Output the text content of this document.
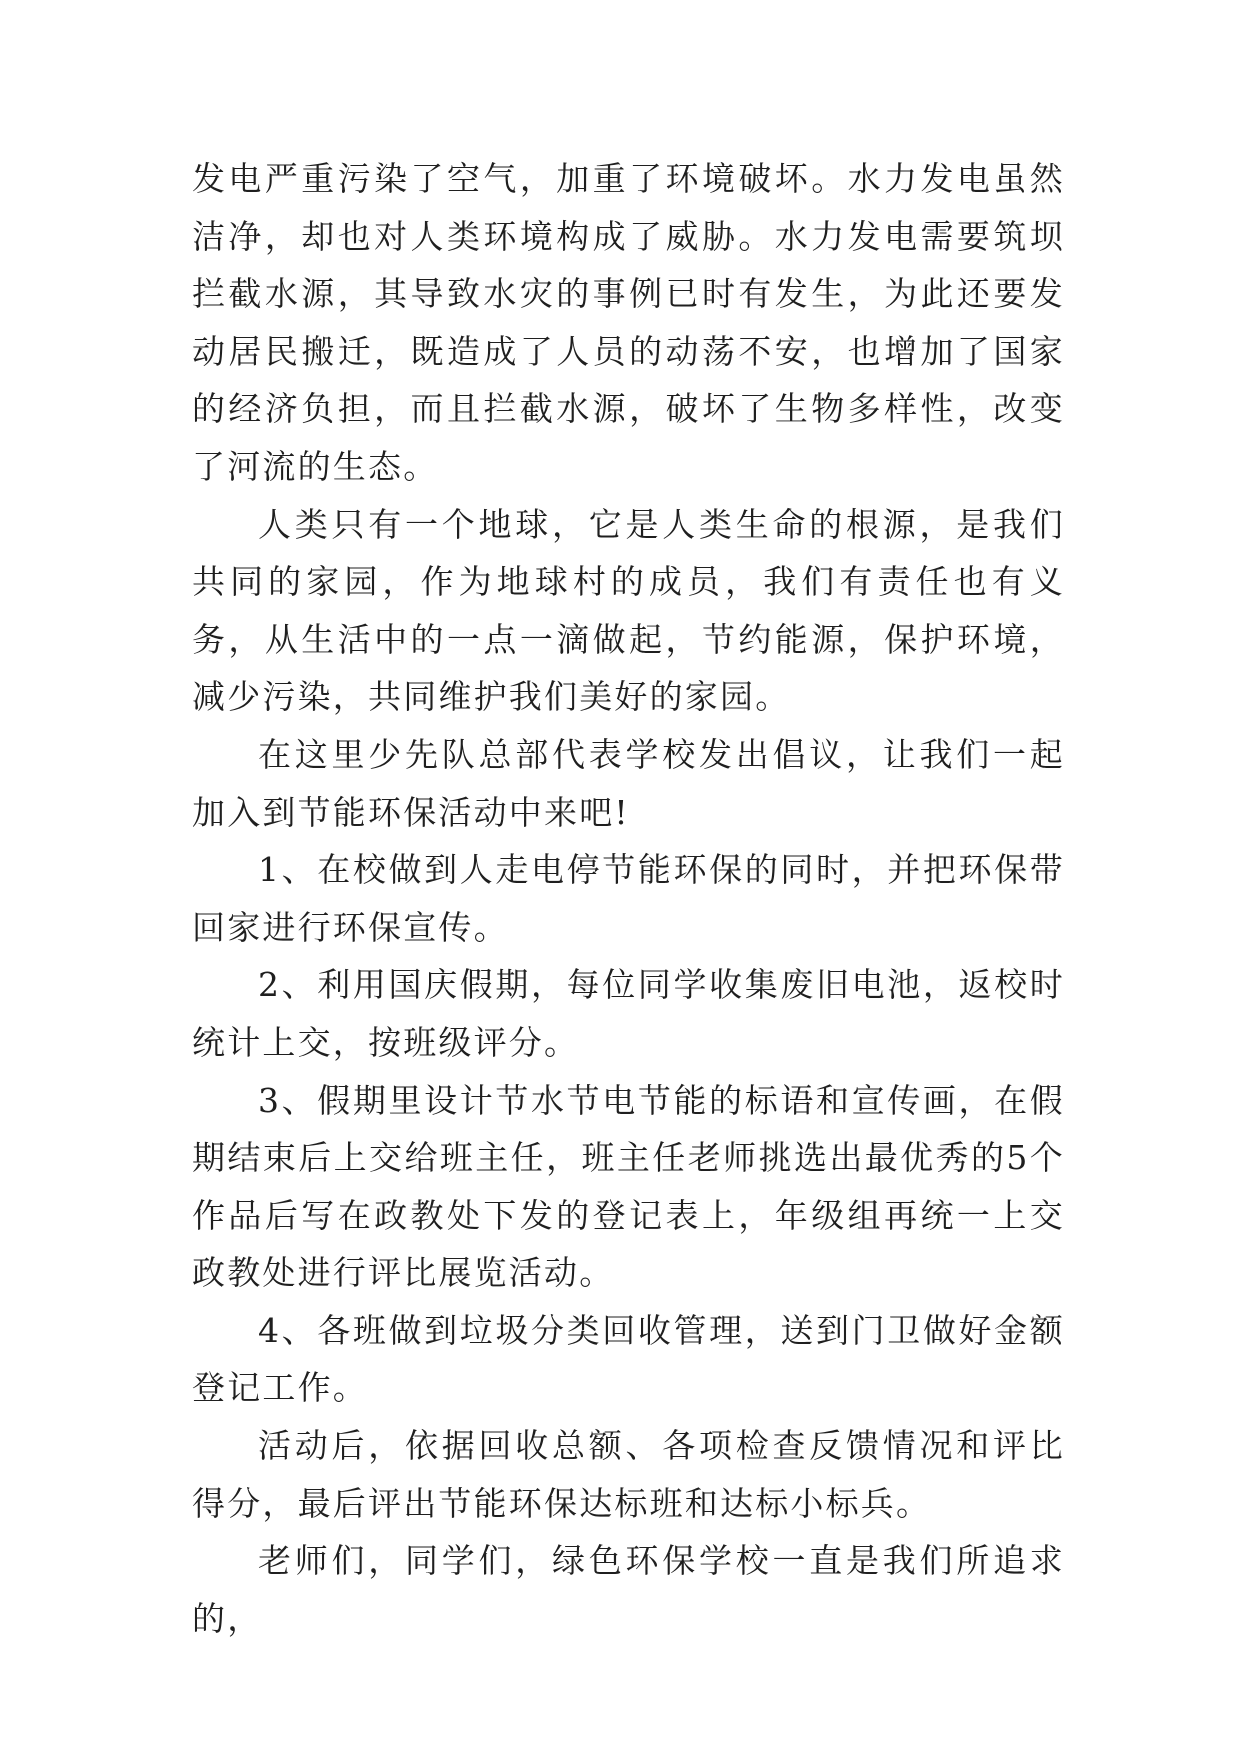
发电严重污染了空气，加重了环境破坏。水力发电虽然洁净，却也对人类环境构成了威胁。水力发电需要筑坝拦截水源，其导致水灾的事例已时有发生，为此还要发动居民搬迁，既造成了人员的动荡不安，也增加了国家的经济负担，而且拦截水源，破坏了生物多样性，改变了河流的生态。

人类只有一个地球，它是人类生命的根源，是我们共同的家园，作为地球村的成员，我们有责任也有义务，从生活中的一点一滴做起，节约能源，保护环境，减少污染，共同维护我们美好的家园。

在这里少先队总部代表学校发出倡议，让我们一起加入到节能环保活动中来吧!

1、在校做到人走电停节能环保的同时，并把环保带回家进行环保宣传。

2、利用国庆假期，每位同学收集废旧电池，返校时统计上交，按班级评分。

3、假期里设计节水节电节能的标语和宣传画，在假期结束后上交给班主任，班主任老师挑选出最优秀的5个作品后写在政教处下发的登记表上，年级组再统一上交政教处进行评比展览活动。

4、各班做到垃圾分类回收管理，送到门卫做好金额登记工作。

活动后，依据回收总额、各项检查反馈情况和评比得分，最后评出节能环保达标班和达标小标兵。

老师们，同学们，绿色环保学校一直是我们所追求的，
